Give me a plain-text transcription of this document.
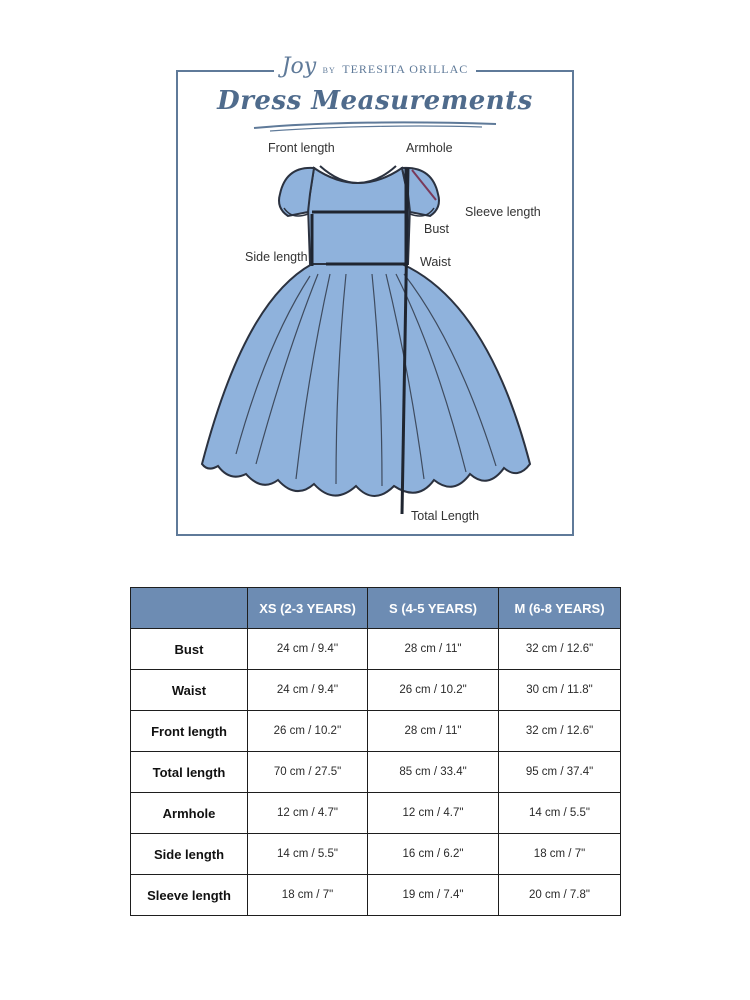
Joy BY TERESITA ORILLAC
Dress Measurements
Front length	Armhole
Sleeve length
Bust
Side length	Waist
Total Length
	XS (2-3 YEARS)	S (4-5 YEARS)	M (6-8 YEARS)
Bust	24 cm / 9.4''	28 cm / 11"	32 cm / 12.6"
Waist	24 cm / 9.4''	26 cm / 10.2"	30 cm / 11.8"
Front length	26 cm / 10.2''	28 cm / 11"	32 cm / 12.6"
Total length	70 cm / 27.5"	85 cm / 33.4"	95 cm / 37.4"
Armhole	12 cm / 4.7"	12 cm / 4.7"	14 cm / 5.5"
Side length	14 cm / 5.5"	16 cm / 6.2"	18 cm / 7"
Sleeve length	18 cm / 7"	19 cm / 7.4"	20 cm / 7.8"
